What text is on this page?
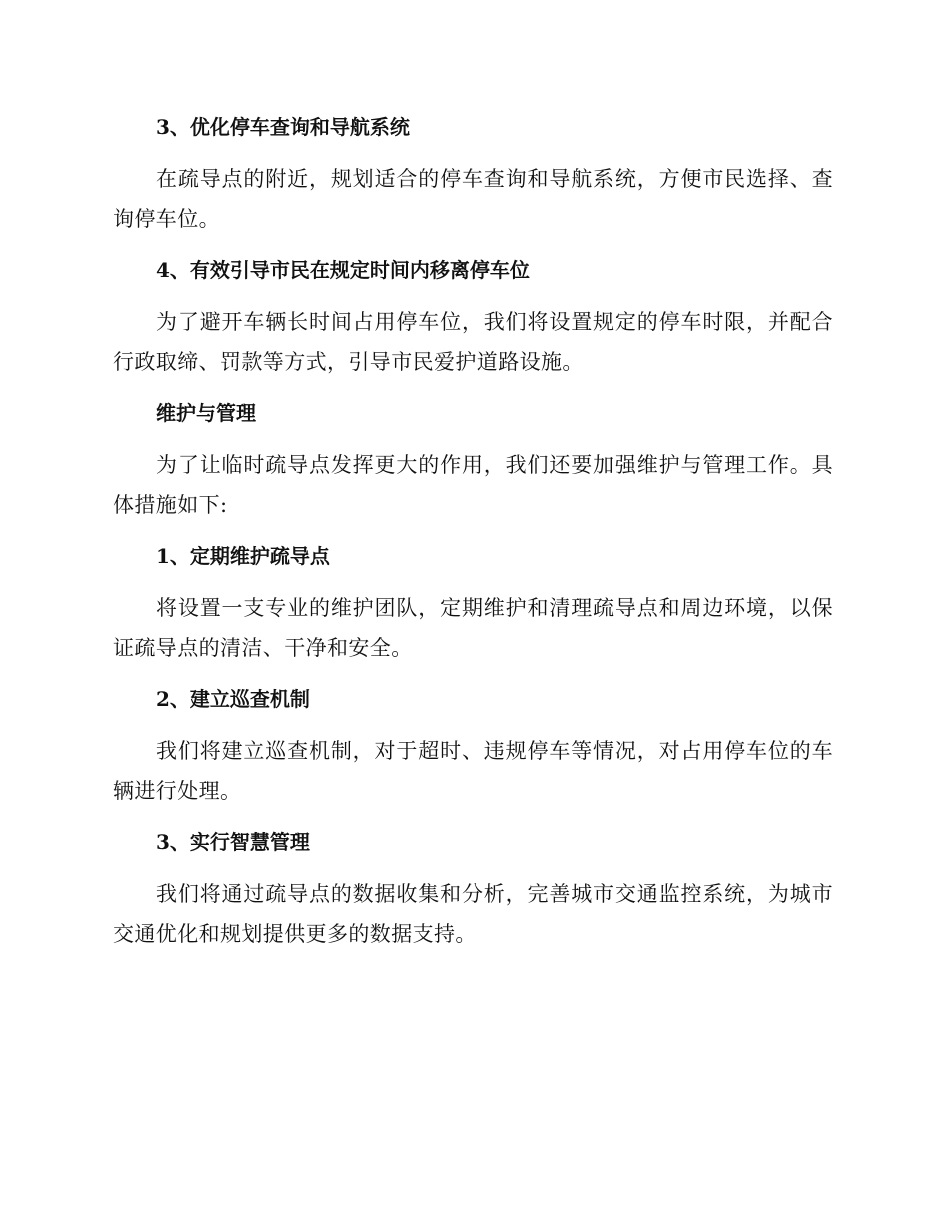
3、优化停车查询和导航系统

在疏导点的附近，规划适合的停车查询和导航系统，方便市民选择、查询停车位。

4、有效引导市民在规定时间内移离停车位

为了避开车辆长时间占用停车位，我们将设置规定的停车时限，并配合行政取缔、罚款等方式，引导市民爱护道路设施。

维护与管理

为了让临时疏导点发挥更大的作用，我们还要加强维护与管理工作。具体措施如下:

1、定期维护疏导点

将设置一支专业的维护团队，定期维护和清理疏导点和周边环境，以保证疏导点的清洁、干净和安全。

2、建立巡查机制

我们将建立巡查机制，对于超时、违规停车等情况，对占用停车位的车辆进行处理。

3、实行智慧管理

我们将通过疏导点的数据收集和分析，完善城市交通监控系统，为城市交通优化和规划提供更多的数据支持。
